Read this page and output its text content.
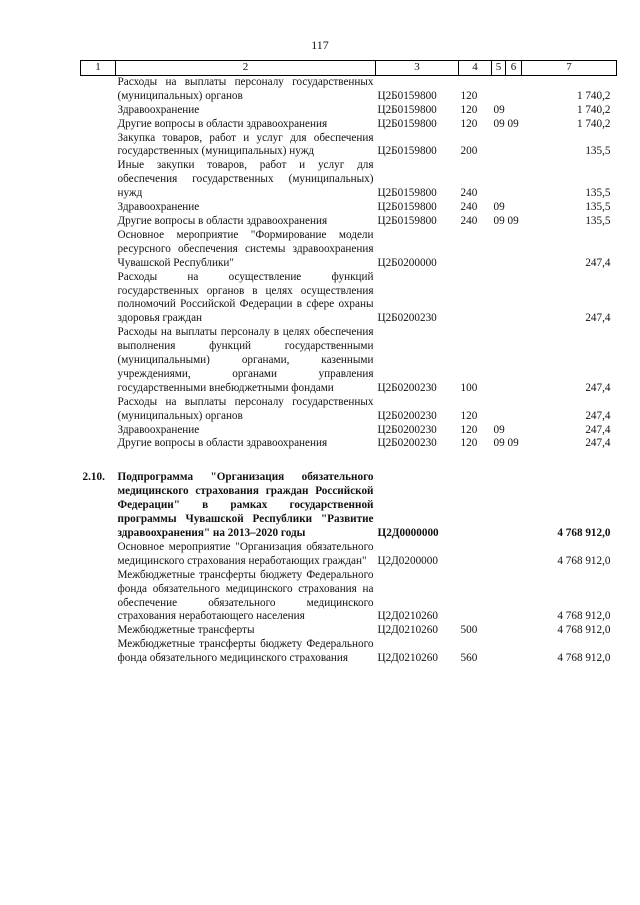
117
1	2	3	4	5	6	7
	Расходы на выплаты персоналу государственных (муниципальных) органов	Ц2Б0159800	120			1 740,2
	Здравоохранение	Ц2Б0159800	120	09		1 740,2
	Другие вопросы в области здравоохранения	Ц2Б0159800	120	09 09		1 740,2
	Закупка товаров, работ и услуг для обеспечения государственных (муниципальных) нужд	Ц2Б0159800	200			135,5
	Иные закупки товаров, работ и услуг для обеспечения государственных (муниципальных) нужд	Ц2Б0159800	240			135,5
	Здравоохранение	Ц2Б0159800	240	09		135,5
	Другие вопросы в области здравоохранения	Ц2Б0159800	240	09 09		135,5
	Основное мероприятие "Формирование модели ресурсного обеспечения системы здравоохранения Чувашской Республики"	Ц2Б0200000				247,4
	Расходы на осуществление функций государственных органов в целях осуществления полномочий Российской Федерации в сфере охраны здоровья граждан	Ц2Б0200230				247,4
	Расходы на выплаты персоналу в целях обеспечения выполнения функций государственными (муниципальными) органами, казенными учреждениями, органами управления государственными внебюджетными фондами	Ц2Б0200230	100			247,4
	Расходы на выплаты персоналу государственных (муниципальных) органов	Ц2Б0200230	120			247,4
	Здравоохранение	Ц2Б0200230	120	09		247,4
	Другие вопросы в области здравоохранения	Ц2Б0200230	120	09 09		247,4

2.10.	Подпрограмма "Организация обязательного медицинского страхования граждан Российской Федерации" в рамках государственной программы Чувашской Республики "Развитие здравоохранения" на 2013–2020 годы	Ц2Д0000000				4 768 912,0
	Основное мероприятие "Организация обязательного медицинского страхования неработающих граждан"	Ц2Д0200000				4 768 912,0
	Межбюджетные трансферты бюджету Федерального фонда обязательного медицинского страхования на обеспечение обязательного медицинского страхования неработающего населения	Ц2Д0210260				4 768 912,0
	Межбюджетные трансферты	Ц2Д0210260	500			4 768 912,0
	Межбюджетные трансферты бюджету Федерального фонда обязательного медицинского страхования	Ц2Д0210260	560			4 768 912,0
